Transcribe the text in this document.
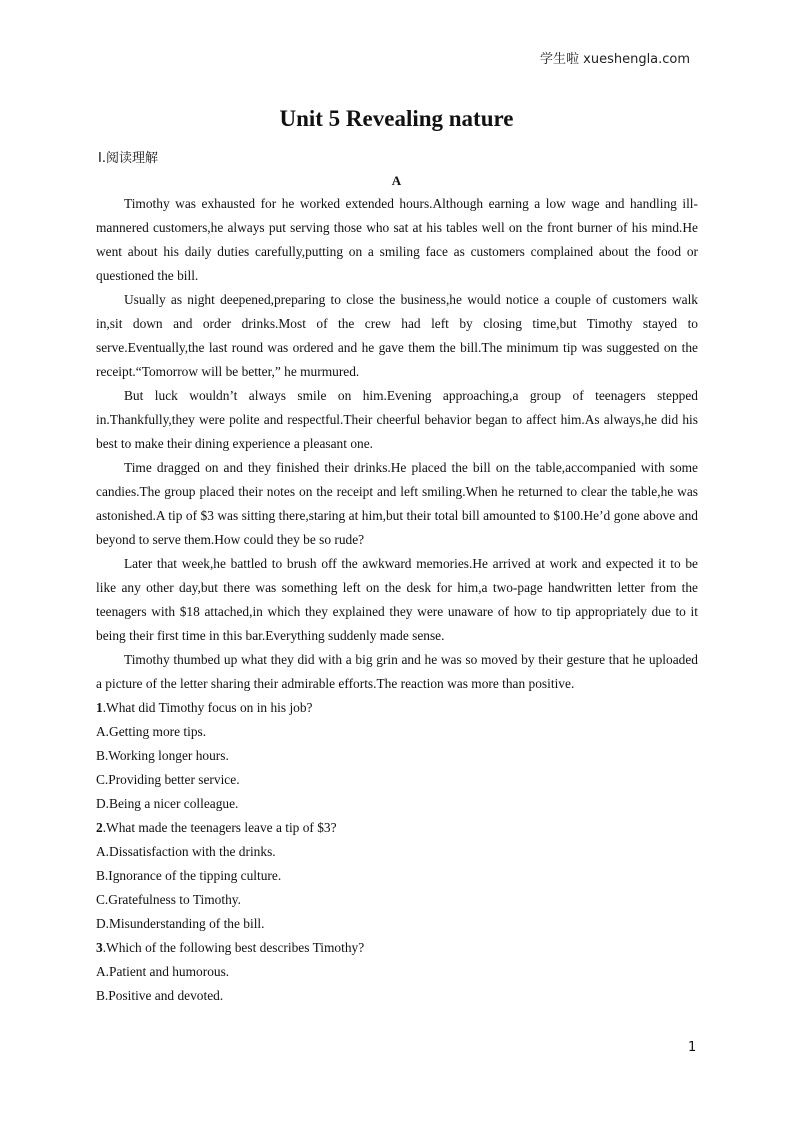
学生啦 xueshengla.com
Unit 5 Revealing nature
Ⅰ.阅读理解
A

Timothy was exhausted for he worked extended hours.Although earning a low wage and handling ill-mannered customers,he always put serving those who sat at his tables well on the front burner of his mind.He went about his daily duties carefully,putting on a smiling face as customers complained about the food or questioned the bill.

Usually as night deepened,preparing to close the business,he would notice a couple of customers walk in,sit down and order drinks.Most of the crew had left by closing time,but Timothy stayed to serve.Eventually,the last round was ordered and he gave them the bill.The minimum tip was suggested on the receipt.“Tomorrow will be better,” he murmured.

But luck wouldn’t always smile on him.Evening approaching,a group of teenagers stepped in.Thankfully,they were polite and respectful.Their cheerful behavior began to affect him.As always,he did his best to make their dining experience a pleasant one.

Time dragged on and they finished their drinks.He placed the bill on the table,accompanied with some candies.The group placed their notes on the receipt and left smiling.When he returned to clear the table,he was astonished.A tip of $3 was sitting there,staring at him,but their total bill amounted to $100.He’d gone above and beyond to serve them.How could they be so rude?

Later that week,he battled to brush off the awkward memories.He arrived at work and expected it to be like any other day,but there was something left on the desk for him,a two-page handwritten letter from the teenagers with $18 attached,in which they explained they were unaware of how to tip appropriately due to it being their first time in this bar.Everything suddenly made sense.

Timothy thumbed up what they did with a big grin and he was so moved by their gesture that he uploaded a picture of the letter sharing their admirable efforts.The reaction was more than positive.

1.What did Timothy focus on in his job?

A.Getting more tips.

B.Working longer hours.

C.Providing better service.

D.Being a nicer colleague.

2.What made the teenagers leave a tip of $3?

A.Dissatisfaction with the drinks.

B.Ignorance of the tipping culture.

C.Gratefulness to Timothy.

D.Misunderstanding of the bill.

3.Which of the following best describes Timothy?

A.Patient and humorous.

B.Positive and devoted.

1
